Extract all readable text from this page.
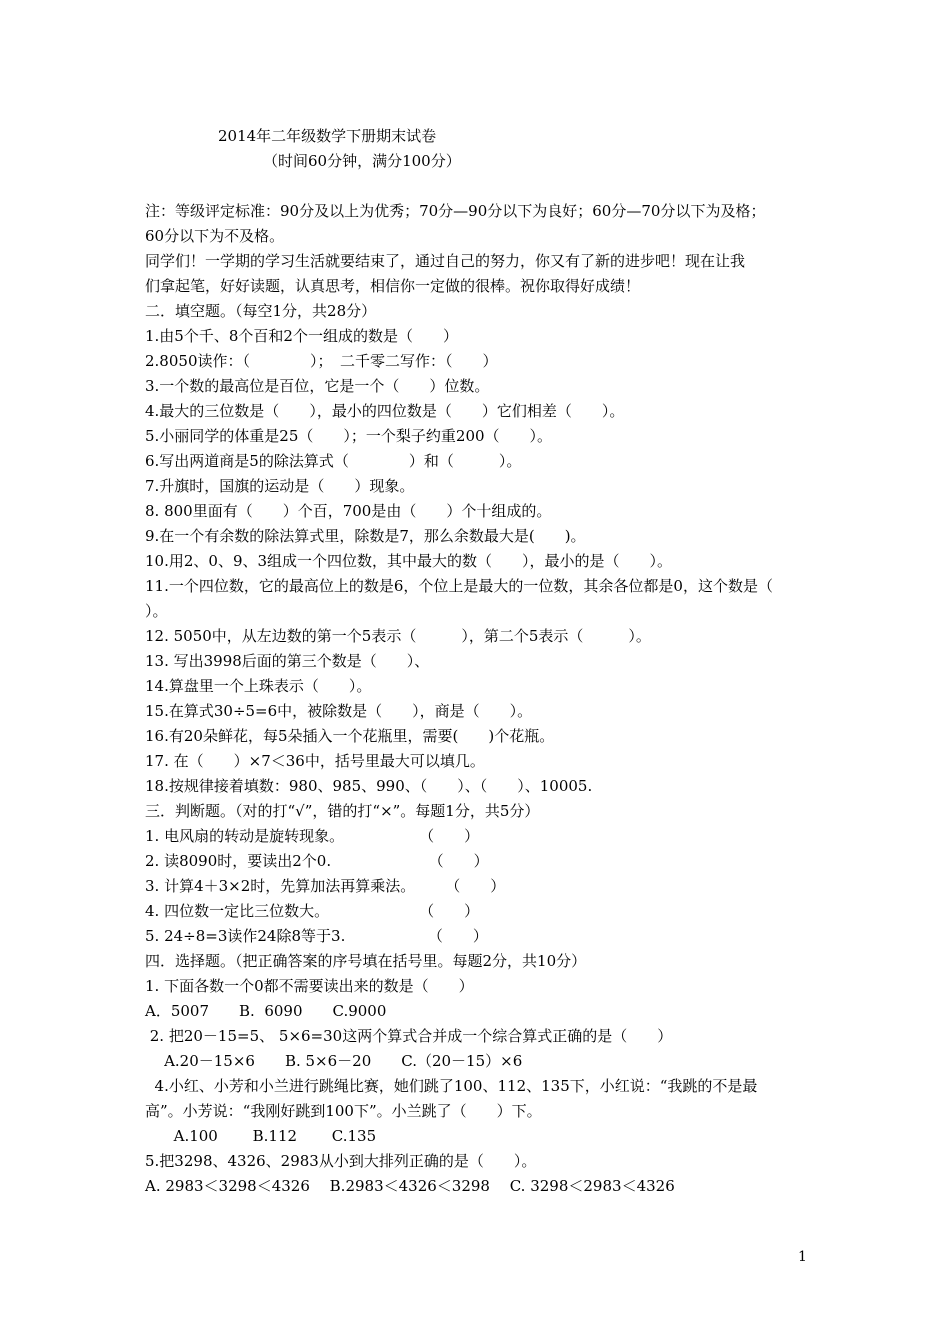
2014年二年级数学下册期末试卷
（时间60分钟，满分100分）
注：等级评定标准：90分及以上为优秀；70分—90分以下为良好；60分—70分以下为及格；
60分以下为不及格。
同学们！一学期的学习生活就要结束了，通过自己的努力，你又有了新的进步吧！现在让我
们拿起笔，好好读题，认真思考，相信你一定做的很棒。祝你取得好成绩！
二．填空题。（每空1分，共28分）
1.由5个千、8个百和2个一组成的数是（　　）
2.8050读作：（　　　　）；　二千零二写作：（　　）
3.一个数的最高位是百位，它是一个（　　）位数。
4.最大的三位数是（　　），最小的四位数是（　　）它们相差（　　）。
5.小丽同学的体重是25（　　）；一个梨子约重200（　　）。
6.写出两道商是5的除法算式（　　　　）和（　　　）。
7.升旗时，国旗的运动是（　　）现象。
8. 800里面有（　　）个百，700是由（　　）个十组成的。
9.在一个有余数的除法算式里，除数是7，那么余数最大是(　　)。
10.用2、0、9、3组成一个四位数，其中最大的数（　　），最小的是（　　）。
11.一个四位数，它的最高位上的数是6，个位上是最大的一位数，其余各位都是0，这个数是（
）。
12. 5050中，从左边数的第一个5表示（　　　），第二个5表示（　　　）。
13. 写出3998后面的第三个数是（　　）、
14.算盘里一个上珠表示（　　）。
15.在算式30÷5=6中，被除数是（　　），商是（　　）。
16.有20朵鲜花，每5朵插入一个花瓶里，需要(　　)个花瓶。
17. 在（　　）×7＜36中，括号里最大可以填几。
18.按规律接着填数：980、985、990、（　　）、（　　）、10005.
三．判断题。（对的打“√”，错的打“×”。每题1分，共5分）
1. 电风扇的转动是旋转现象。　　　　　　（　　）
2. 读8090时，要读出2个0.　　　　　　　（　　）
3. 计算4＋3×2时，先算加法再算乘法。　　　（　　）
4. 四位数一定比三位数大。　　　　　　　（　　）
5. 24÷8=3读作24除8等于3.　　　　　　（　　）
四．选择题。（把正确答案的序号填在括号里。每题2分，共10分）
1. 下面各数一个0都不需要读出来的数是（　　）
A．5007　　B.  6090　　C.9000
2. 把20－15=5、 5×6=30这两个算式合并成一个综合算式正确的是（　　）
A.20－15×6　　B. 5×6－20　　C.（20－15）×6
4.小红、小芳和小兰进行跳绳比赛，她们跳了100、112、135下，小红说：“我跳的不是最
高”。小芳说：“我刚好跳到100下”。小兰跳了（　　）下。
A.100　　 B.112　　 C.135
5.把3298、4326、2983从小到大排列正确的是（　　）。
A. 2983＜3298＜4326　 B.2983＜4326＜3298　 C. 3298＜2983＜4326
1
